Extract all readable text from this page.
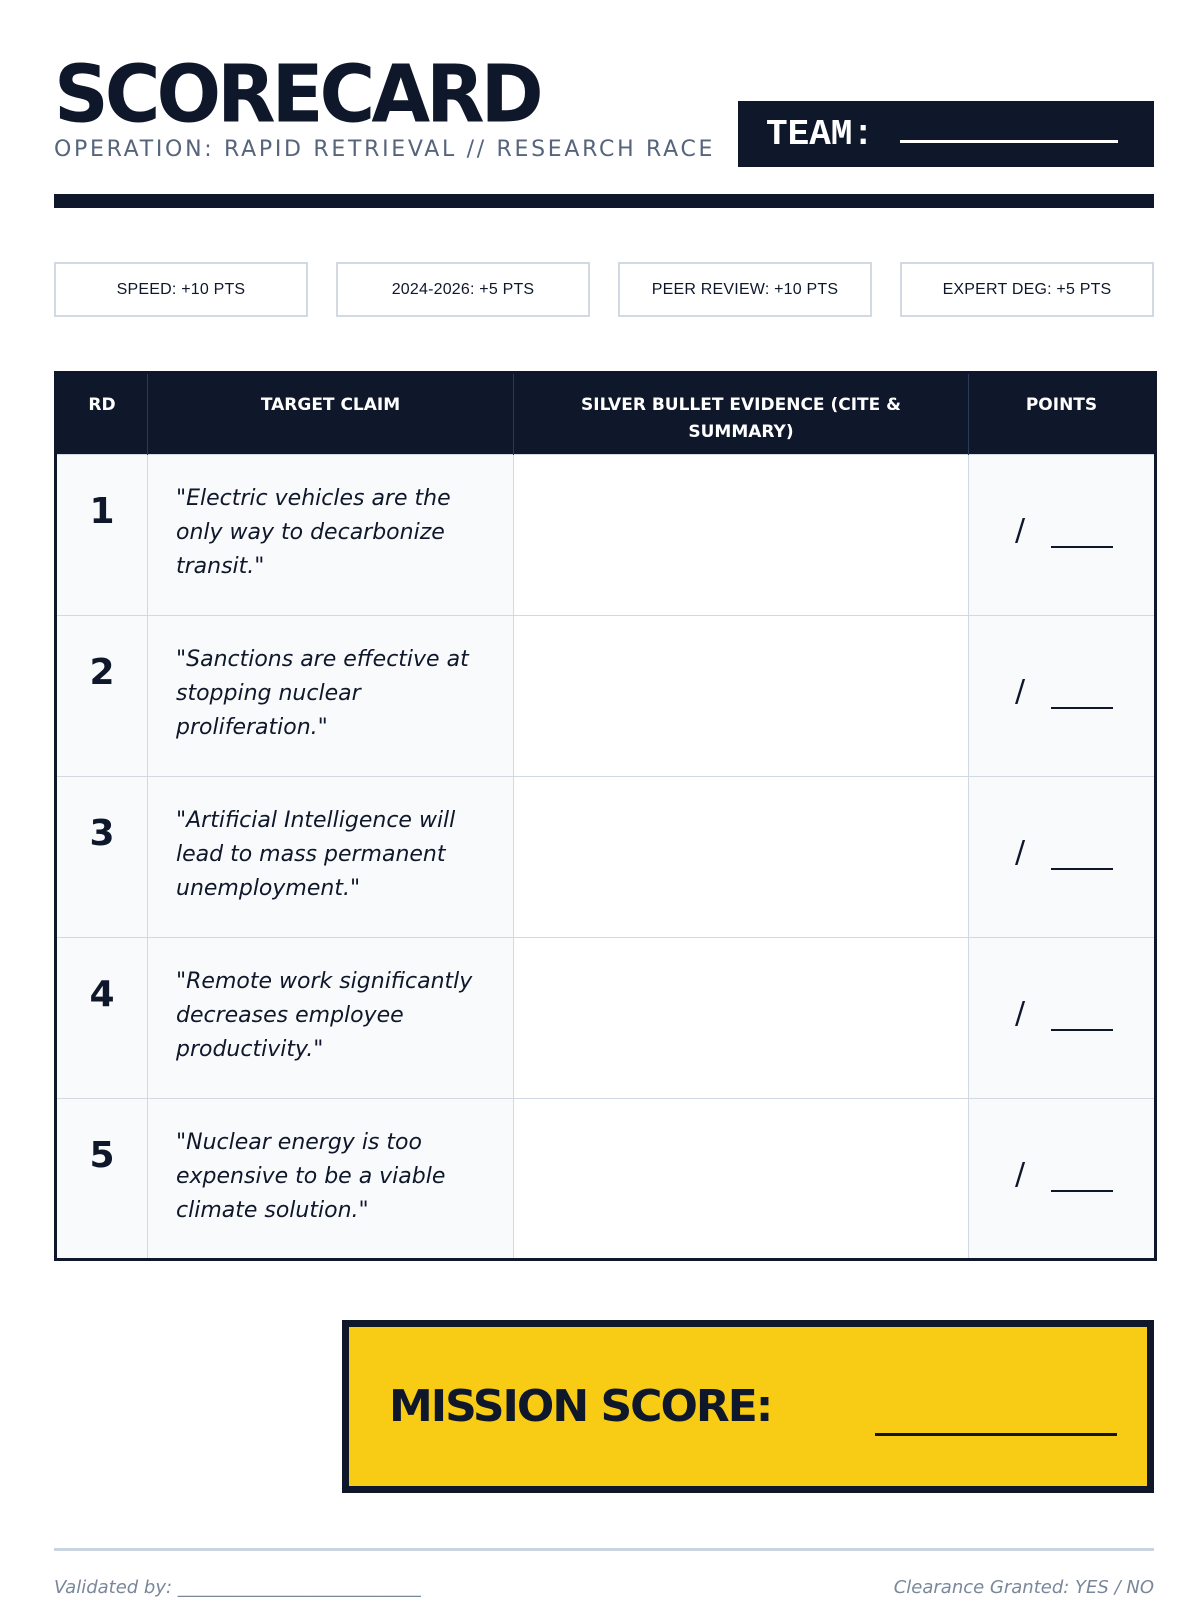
SCORECARD
OPERATION: RAPID RETRIEVAL // RESEARCH RACE TEAM:
SPEED: +10 PTS	2024-2026: +5 PTS	PEER REVIEW: +10 PTS	EXPERT DEG: +5 PTS
RD	TARGET CLAIM	SILVER BULLET EVIDENCE (CITE & SUMMARY)	POINTS
1	"Electric vehicles are the only way to decarbonize transit."		/

2	"Sanctions are effective at stopping nuclear proliferation."		/

3	"Artificial Intelligence will lead to mass permanent unemployment."		/

4	"Remote work significantly decreases employee productivity."		/

5	"Nuclear energy is too expensive to be a viable climate solution."		/
MISSION SCORE:
Validated by: ___________________________	Clearance Granted: YES / NO
